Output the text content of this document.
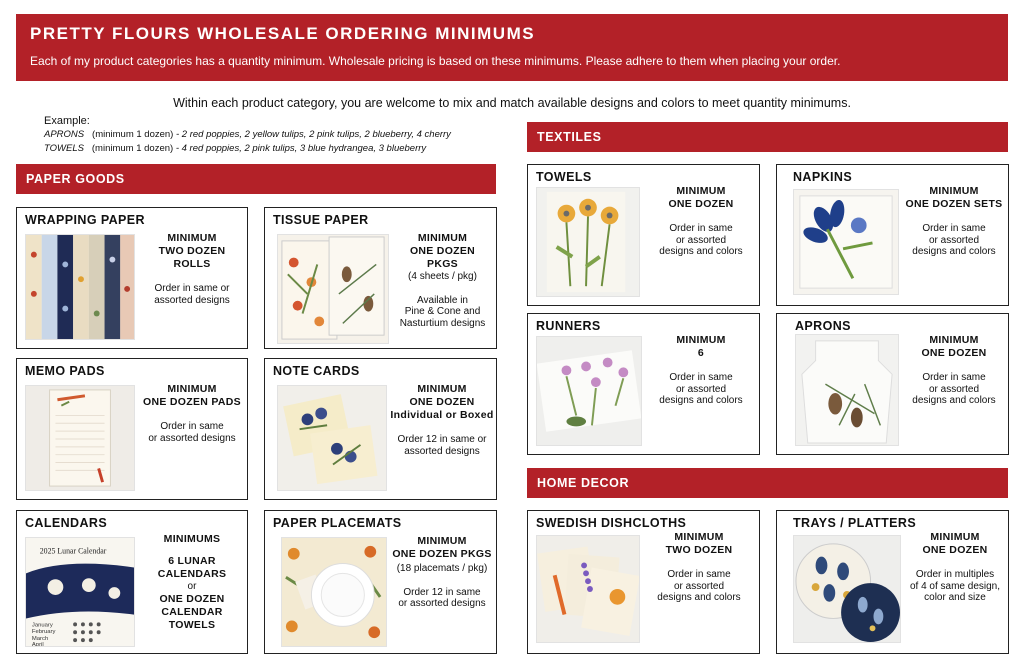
PRETTY FLOURS WHOLESALE ORDERING MINIMUMS
Each of my product categories has a quantity minimum. Wholesale pricing is based on these minimums. Please adhere to them when placing your order.
Within each product category, you are welcome to mix and match available designs and colors to meet quantity minimums.
Example:
APRONS (minimum 1 dozen) - 2 red poppies, 2 yellow tulips, 2 pink tulips, 2 blueberry, 4 cherry
TOWELS (minimum 1 dozen) - 4 red poppies, 2 pink tulips, 3 blue hydrangea, 3 blueberry
PAPER GOODS
TEXTILES
HOME DECOR
WRAPPING PAPER
MINIMUM
TWO DOZEN
ROLLS
Order in same or
assorted designs
TISSUE PAPER
MINIMUM
ONE DOZEN
PKGS
(4 sheets / pkg)
Available in
Pine & Cone and
Nasturtium designs
MEMO PADS
MINIMUM
ONE DOZEN PADS
Order in same
or assorted designs
NOTE CARDS
MINIMUM
ONE DOZEN
Individual or Boxed
Order 12 in same or
assorted designs
CALENDARS
2025 Lunar Calendar
January
February
March
April
MINIMUMS
6 LUNAR
CALENDARS
or
ONE DOZEN
CALENDAR
TOWELS
PAPER PLACEMATS
MINIMUM
ONE DOZEN PKGS
(18 placemats / pkg)
Order 12 in same
or assorted designs
TOWELS
MINIMUM
ONE DOZEN
Order in same
or assorted
designs and colors
NAPKINS
MINIMUM
ONE DOZEN SETS
Order in same
or assorted
designs and colors
RUNNERS
MINIMUM
6
Order in same
or assorted
designs and colors
APRONS
MINIMUM
ONE DOZEN
Order in same
or assorted
designs and colors
SWEDISH DISHCLOTHS
MINIMUM
TWO DOZEN
Order in same
or assorted
designs and colors
TRAYS / PLATTERS
MINIMUM
ONE DOZEN
Order in multiples
of 4 of same design,
color and size
